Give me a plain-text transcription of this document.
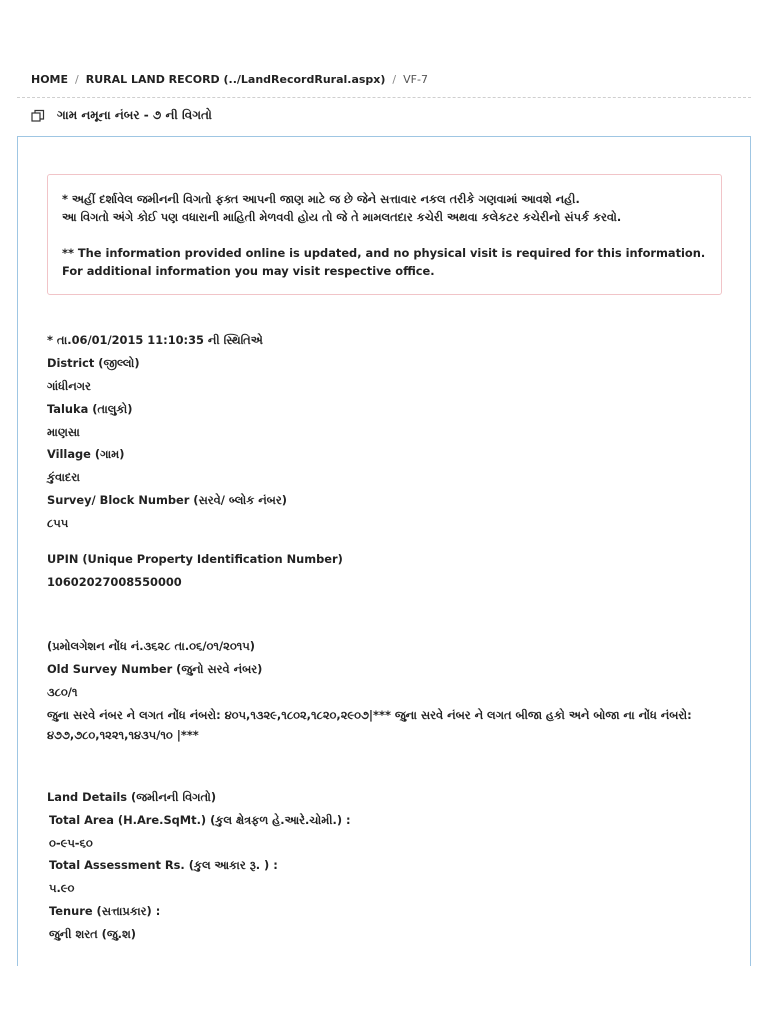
HOME / RURAL LAND RECORD (../LandRecordRural.aspx) / VF-7
ગામ નમૂના નંબર - ૭ ની વિગતો

* અહીં દર્શાવેલ જમીનની વિગતો ફક્ત આપની જાણ માટે જ છે જેને સત્તાવાર નકલ તરીકે ગણવામાં આવશે નહી.

આ વિગતો અંગે કોઈ પણ વધારાની માહિતી મેળવવી હોય તો જે તે મામલતદાર કચેરી અથવા કલેકટર કચેરીનો સંપર્ક કરવો.

** The information provided online is updated, and no physical visit is required for this information.

For additional information you may visit respective office.

* તા.06/01/2015 11:10:35 ની સ્થિતિએ
District (જીલ્લો)
ગાંધીનગર
Taluka (તાલુકો)
માણસા
Village (ગામ)
કુંવાદરા
Survey/ Block Number (સરવે/ બ્લોક નંબર)
૮૫૫
UPIN (Unique Property Identification Number)
10602027008550000
(પ્રમોલગેશન નોંધ નં.૩૬૨૮ તા.૦૬/૦૧/૨૦૧૫)
Old Survey Number (જુનો સરવે નંબર)
૩૮૦/૧
જુના સરવે નંબર ને લગત નોંધ નંબરો: ૪૦૫,૧૩૨૯,૧૮૦૨,૧૮૨૦,૨૯૦૭|*** જુના સરવે નંબર ને લગત બીજા હકો અને બોજા ના નોંધ નંબરો: ૪૭૭,૭૮૦,૧૨૨૧,૧૪૩૫/૧૦ |***
Land Details (જમીનની વિગતો)
Total Area (H.Are.SqMt.) (કુલ ક્ષેત્રફળ હે.આરે.ચોમી.) :
૦-૯૫-૬૦
Total Assessment Rs. (કુલ આકાર રૂ. ) :
૫.૯૦
Tenure (સત્તાપ્રકાર) :
જુની શરત (જુ.શ)
